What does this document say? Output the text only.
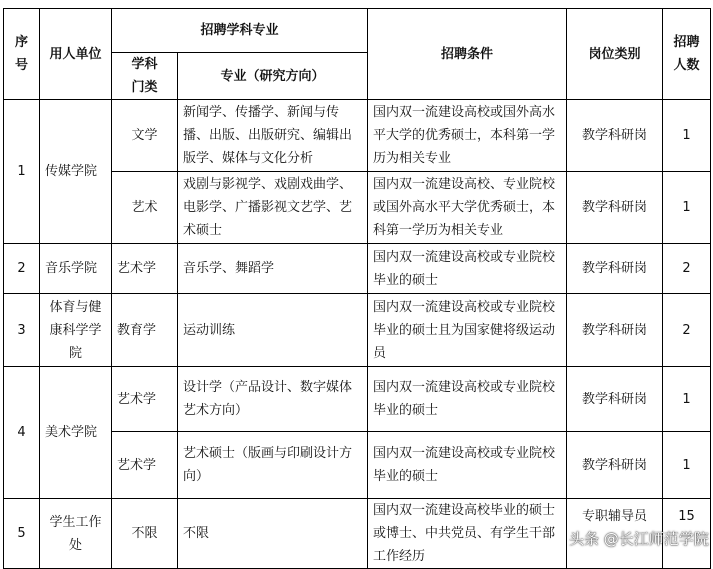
序号	用人单位	招聘学科专业		招聘条件	岗位类别	招聘人数
		学科门类	专业（研究方向）			
1	传媒学院	文学	新闻学、传播学、新闻与传播、出版、出版研究、编辑出版学、媒体与文化分析	国内双一流建设高校或国外高水平大学的优秀硕士，本科第一学历为相关专业	教学科研岗	1
		艺术	戏剧与影视学、戏剧戏曲学、电影学、广播影视文艺学、艺术硕士	国内双一流建设高校、专业院校或国外高水平大学优秀硕士，本科第一学历为相关专业	教学科研岗	1
2	音乐学院	艺术学	音乐学、舞蹈学	国内双一流建设高校或专业院校毕业的硕士	教学科研岗	2
3	体育与健康科学学院	教育学	运动训练	国内双一流建设高校或专业院校毕业的硕士且为国家健将级运动员	教学科研岗	2
4	美术学院	艺术学	设计学（产品设计、数字媒体艺术方向）	国内双一流建设高校或专业院校毕业的硕士	教学科研岗	1
		艺术学	艺术硕士（版画与印刷设计方向）	国内双一流建设高校或专业院校毕业的硕士	教学科研岗	1
5	学生工作处	不限	不限	国内双一流建设高校毕业的硕士或博士、中共党员、有学生干部工作经历	专职辅导员	15
头条 @长江师范学院
